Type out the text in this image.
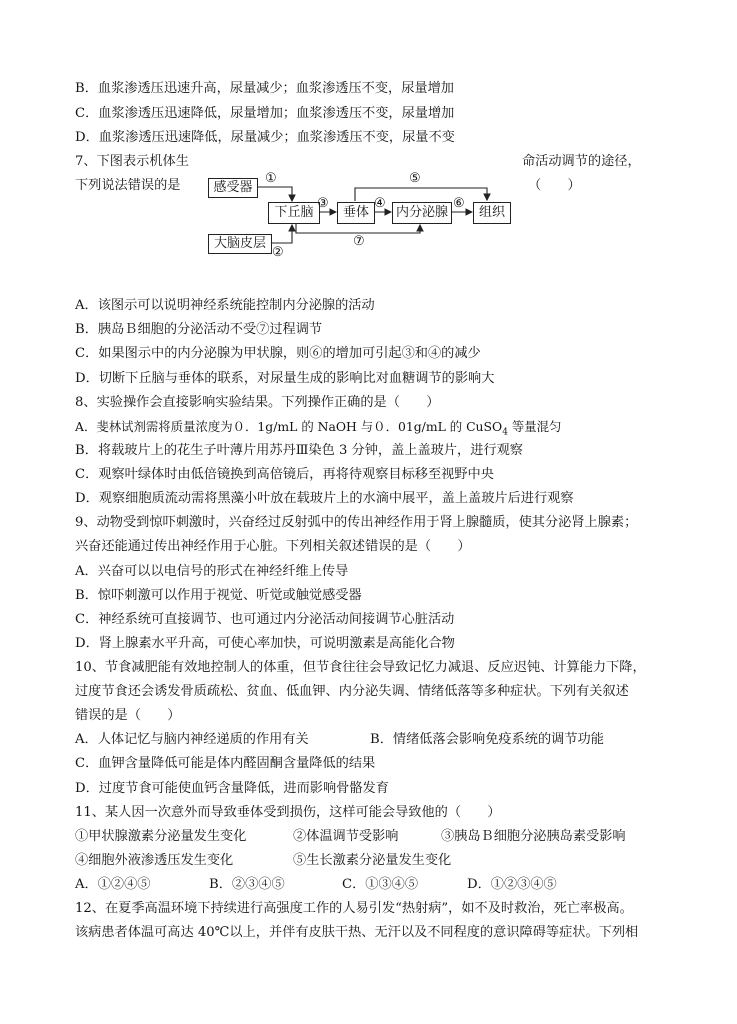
B．血浆渗透压迅速升高，尿量减少；血浆渗透压不变，尿量增加

C．血浆渗透压迅速降低，尿量增加；血浆渗透压不变，尿量增加

D．血浆渗透压迅速降低，尿量减少；血浆渗透压不变，尿量不变

7、下图表示机体生	命活动调节的途径，

下列说法错误的是	（　　）
感受器
下丘脑	垂体	内分泌腺	组织
大脑皮层
①
②
③	④
⑤
⑥
⑦

A．该图示可以说明神经系统能控制内分泌腺的活动

B．胰岛Ｂ细胞的分泌活动不受⑦过程调节

C．如果图示中的内分泌腺为甲状腺，则⑥的增加可引起③和④的减少

D．切断下丘脑与垂体的联系，对尿量生成的影响比对血糖调节的影响大

8、实验操作会直接影响实验结果。下列操作正确的是（　　）

A．斐林试剂需将质量浓度为０．1g/mL 的 NaOH 与０．01g/mL 的 CuSO$_4$ 等量混匀

B．将载玻片上的花生子叶薄片用苏丹Ⅲ染色 3 分钟，盖上盖玻片，进行观察

C．观察叶绿体时由低倍镜换到高倍镜后，再将待观察目标移至视野中央

D．观察细胞质流动需将黑藻小叶放在载玻片上的水滴中展平，盖上盖玻片后进行观察

9、动物受到惊吓刺激时，兴奋经过反射弧中的传出神经作用于肾上腺髓质，使其分泌肾上腺素；

兴奋还能通过传出神经作用于心脏。下列相关叙述错误的是（　　）

A．兴奋可以以电信号的形式在神经纤维上传导

B．惊吓刺激可以作用于视觉、听觉或触觉感受器

C．神经系统可直接调节、也可通过内分泌活动间接调节心脏活动

D．肾上腺素水平升高，可使心率加快，可说明激素是高能化合物

10、节食减肥能有效地控制人的体重，但节食往往会导致记忆力减退、反应迟钝、计算能力下降，

过度节食还会诱发骨质疏松、贫血、低血钾、内分泌失调、情绪低落等多种症状。下列有关叙述

错误的是（　　）

A．人体记忆与脑内神经递质的作用有关	B．情绪低落会影响免疫系统的调节功能

C．血钾含量降低可能是体内醛固酮含量降低的结果

D．过度节食可能使血钙含量降低，进而影响骨骼发育

11、某人因一次意外而导致垂体受到损伤，这样可能会导致他的（　　）

①甲状腺激素分泌量发生变化	②体温调节受影响	③胰岛Ｂ细胞分泌胰岛素受影响

④细胞外液渗透压发生变化	⑤生长激素分泌量发生变化

A．①②④⑤	B．②③④⑤	C．①③④⑤	D．①②③④⑤

12、在夏季高温环境下持续进行高强度工作的人易引发“热射病”，如不及时救治，死亡率极高。

该病患者体温可高达 40℃以上，并伴有皮肤干热、无汗以及不同程度的意识障碍等症状。下列相
